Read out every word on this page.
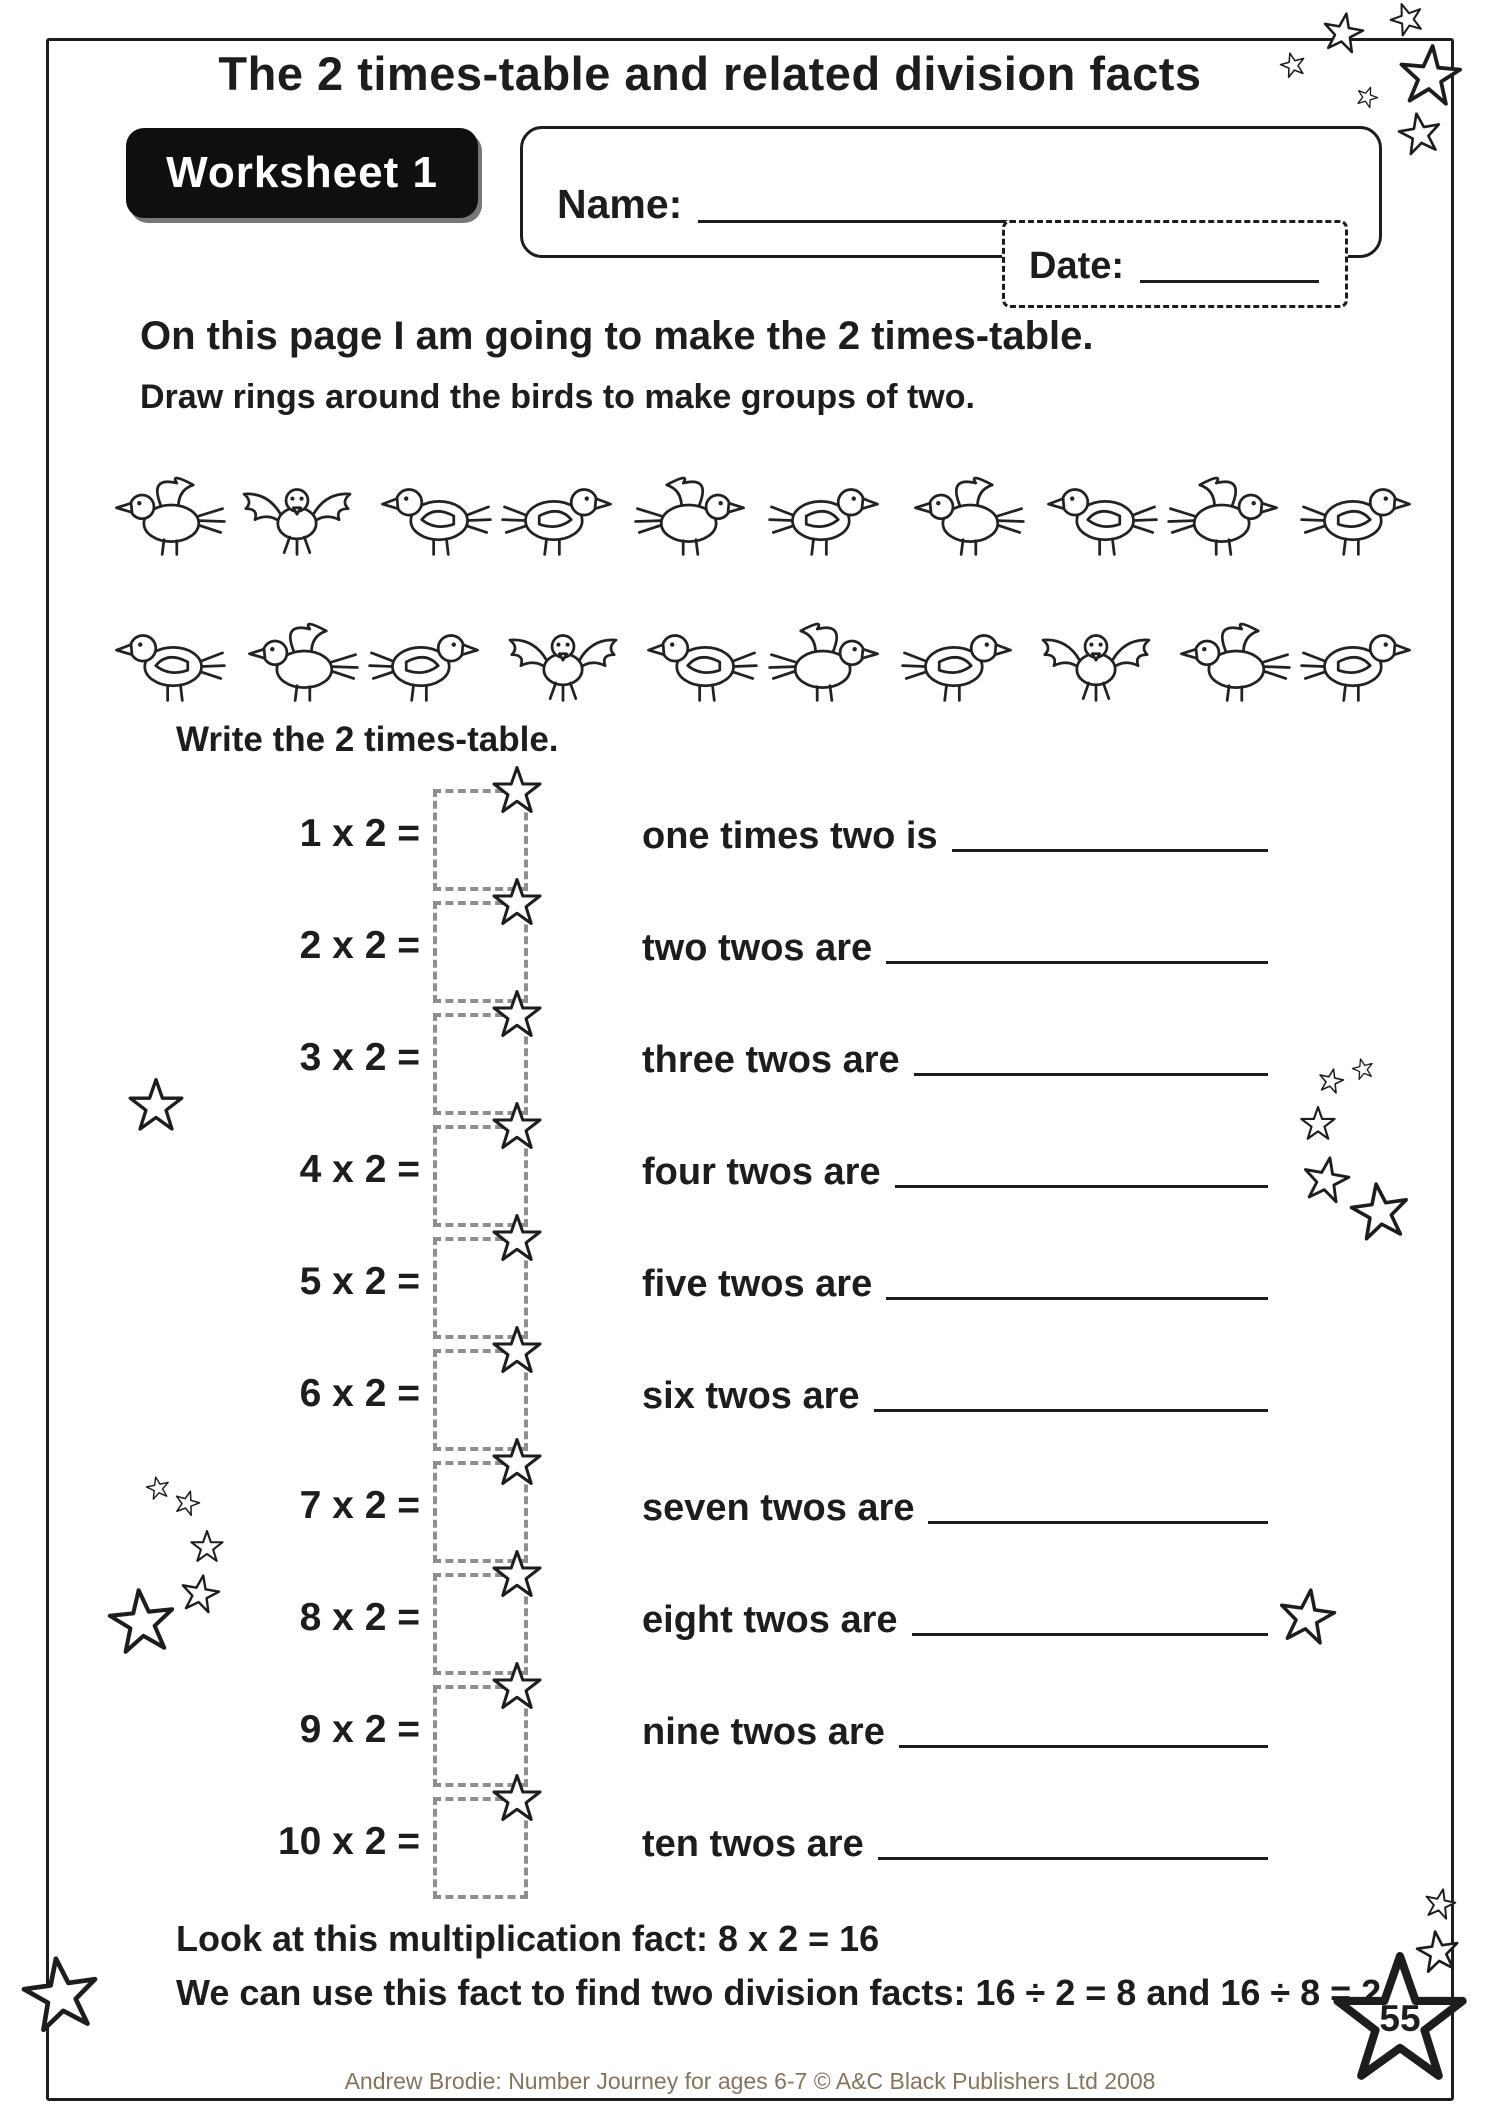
The 2 times-table and related division facts
Worksheet 1
Name:
Date:
On this page I am going to make the 2 times-table.
Draw rings around the birds to make groups of two.
Write the 2 times-table.
1 x 2 =	one times two is
2 x 2 =	two twos are
3 x 2 =	three twos are
4 x 2 =	four twos are
5 x 2 =	five twos are
6 x 2 =	six twos are
7 x 2 =	seven twos are
8 x 2 =	eight twos are
9 x 2 =	nine twos are
10 x 2 =	ten twos are
Look at this multiplication fact: 8 x 2 = 16
We can use this fact to find two division facts: 16 ÷ 2 = 8 and 16 ÷ 8 = 2
55
Andrew Brodie: Number Journey for ages 6-7 © A&C Black Publishers Ltd 2008
